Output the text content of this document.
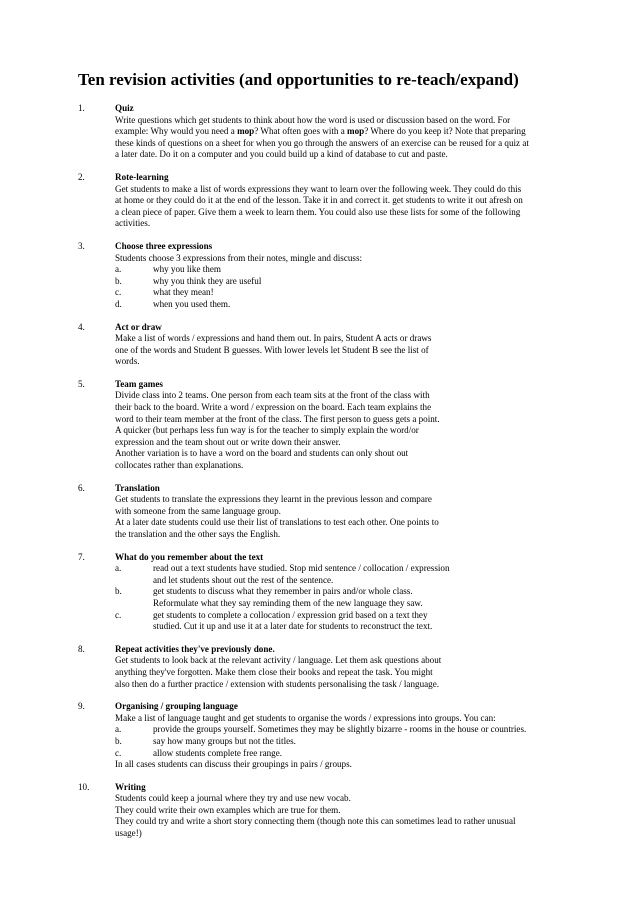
Ten revision activities (and opportunities to re-teach/expand)
1.	Quiz

Write questions which get students to think about how the word is used or discussion based on the word. For

example: Why would you need a mop? What often goes with a mop? Where do you keep it? Note that preparing

these kinds of questions on a sheet for when you go through the answers of an exercise can be reused for a quiz at

a later date. Do it on a computer and you could build up a kind of database to cut and paste.

2.	Rote-learning

Get students to make a list of words expressions they want to learn over the following week. They could do this

at home or they could do it at the end of the lesson. Take it in and correct it. get students to write it out afresh on

a clean piece of paper. Give them a week to learn them. You could also use these lists for some of the following

activities.

3.	Choose three expressions

Students choose 3 expressions from their notes, mingle and discuss:

a.	why you like them
b.	why you think they are useful
c.	what they mean!
d.	when you used them.
4.	Act or draw

Make a list of words / expressions and hand them out. In pairs, Student A acts or draws

one of the words and Student B guesses. With lower levels let Student B see the list of

words.

5.	Team games

Divide class into 2 teams. One person from each team sits at the front of the class with

their back to the board. Write a word / expression on the board. Each team explains the

word to their team member at the front of the class. The first person to guess gets a point.

A quicker (but perhaps less fun way is for the teacher to simply explain the word/or

expression and the team shout out or write down their answer.

Another variation is to have a word on the board and students can only shout out

collocates rather than explanations.

6.	Translation

Get students to translate the expressions they learnt in the previous lesson and compare

with someone from the same language group.

At a later date students could use their list of translations to test each other. One points to

the translation and the other says the English.

7.	What do you remember about the text
a.	read out a text students have studied. Stop mid sentence / collocation / expression
and let students shout out the rest of the sentence.
b.	get students to discuss what they remember in pairs and/or whole class.
Reformulate what they say reminding them of the new language they saw.
c.	get students to complete a collocation / expression grid based on a text they
studied. Cut it up and use it at a later date for students to reconstruct the text.
8.	Repeat activities they've previously done.

Get students to look back at the relevant activity / language. Let them ask questions about

anything they've forgotten. Make them close their books and repeat the task. You might

also then do a further practice / extension with students personalising the task / language.

9.	Organising / grouping language

Make a list of language taught and get students to organise the words / expressions into groups. You can:

a.	provide the groups yourself. Sometimes they may be slightly bizarre - rooms in the house or countries.
b.	say how many groups but not the titles.
c.	allow students complete free range.

In all cases students can discuss their groupings in pairs / groups.

10.	Writing

Students could keep a journal where they try and use new vocab.

They could write their own examples which are true for them.

They could try and write a short story connecting them (though note this can sometimes lead to rather unusual

usage!)
